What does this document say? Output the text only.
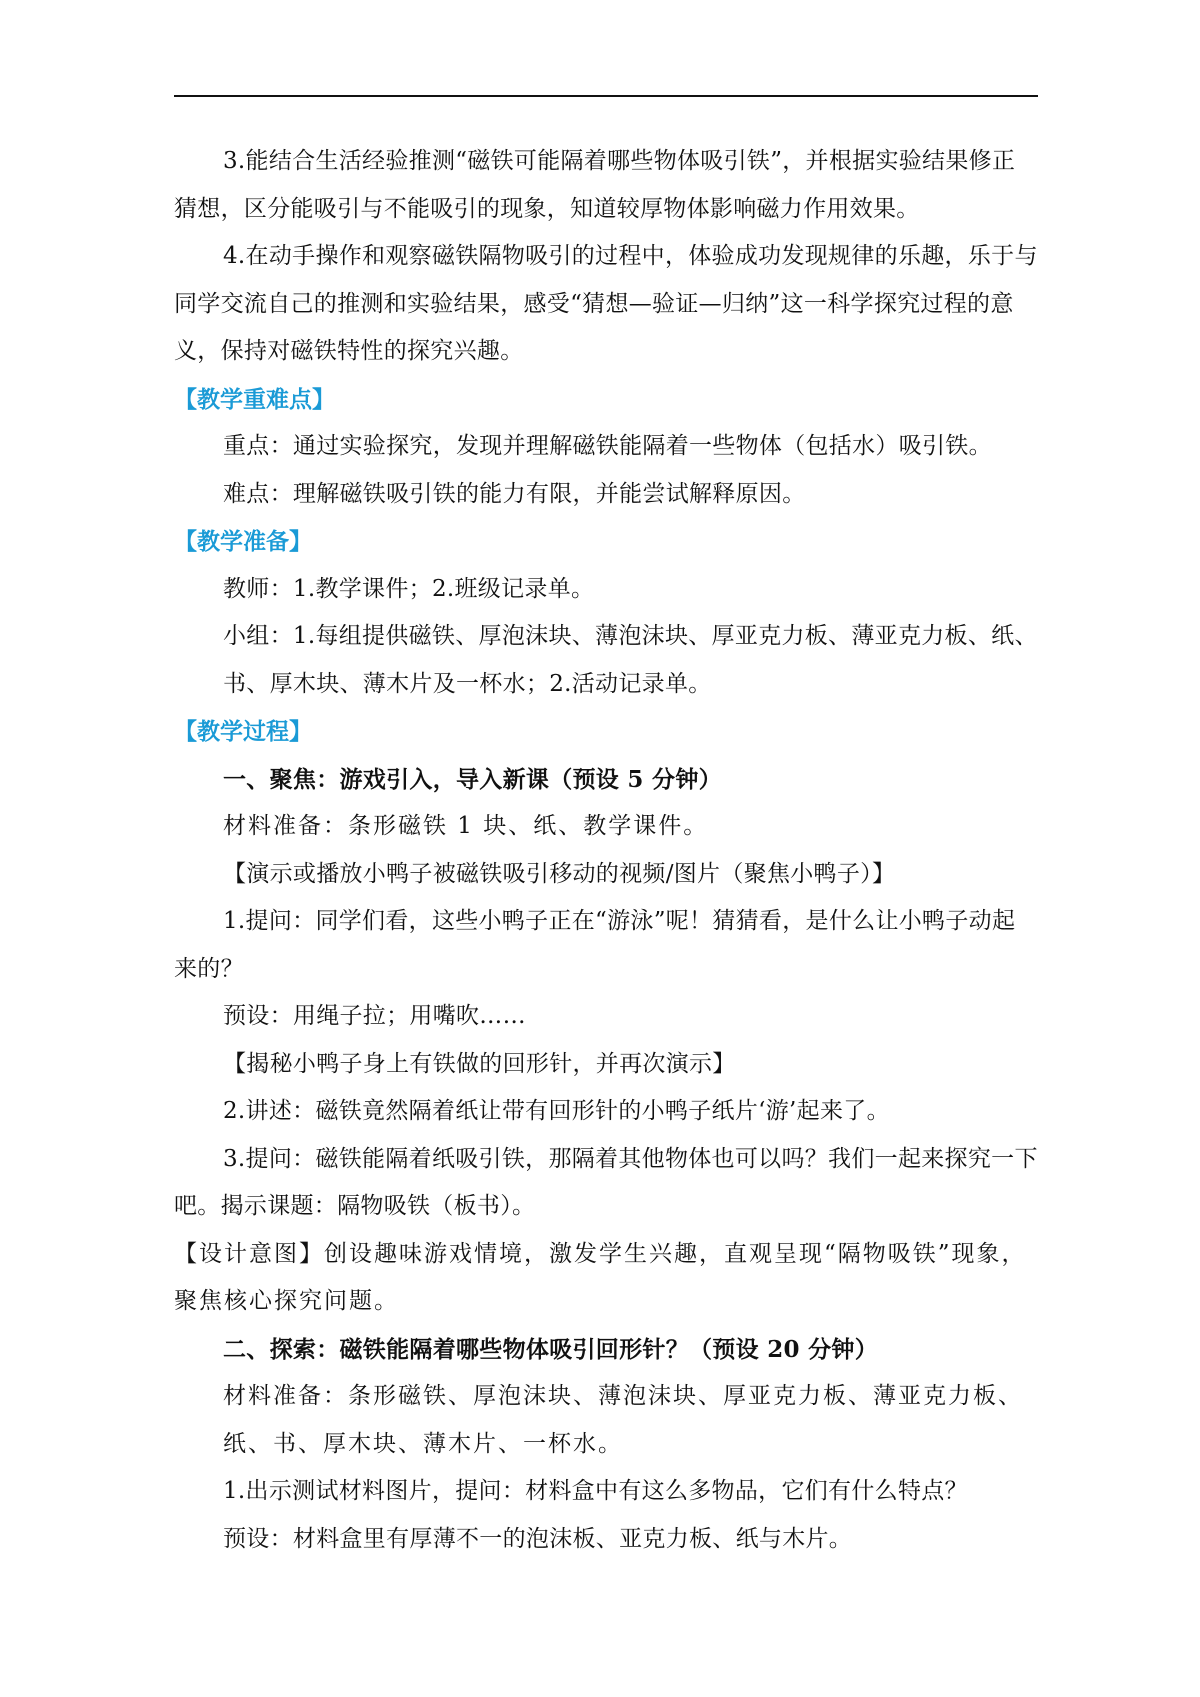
3.能结合生活经验推测“磁铁可能隔着哪些物体吸引铁”，并根据实验结果修正猜想，区分能吸引与不能吸引的现象，知道较厚物体影响磁力作用效果。

4.在动手操作和观察磁铁隔物吸引的过程中，体验成功发现规律的乐趣，乐于与同学交流自己的推测和实验结果，感受“猜想—验证—归纳”这一科学探究过程的意义，保持对磁铁特性的探究兴趣。

【教学重难点】

重点：通过实验探究，发现并理解磁铁能隔着一些物体（包括水）吸引铁。

难点：理解磁铁吸引铁的能力有限，并能尝试解释原因。

【教学准备】

教师：1.教学课件；2.班级记录单。

小组：1.每组提供磁铁、厚泡沫块、薄泡沫块、厚亚克力板、薄亚克力板、纸、书、厚木块、薄木片及一杯水；2.活动记录单。

【教学过程】

一、聚焦：游戏引入，导入新课（预设 5 分钟）

材料准备：条形磁铁 1 块、纸、教学课件。

【演示或播放小鸭子被磁铁吸引移动的视频/图片（聚焦小鸭子）】

1.提问：同学们看，这些小鸭子正在“游泳”呢！猜猜看，是什么让小鸭子动起来的？

预设：用绳子拉；用嘴吹……

【揭秘小鸭子身上有铁做的回形针，并再次演示】

2.讲述：磁铁竟然隔着纸让带有回形针的小鸭子纸片‘游’起来了。

3.提问：磁铁能隔着纸吸引铁，那隔着其他物体也可以吗？我们一起来探究一下吧。揭示课题：隔物吸铁（板书）。

【设计意图】创设趣味游戏情境，激发学生兴趣，直观呈现“隔物吸铁”现象，聚焦核心探究问题。

二、探索：磁铁能隔着哪些物体吸引回形针？（预设 20 分钟）

材料准备：条形磁铁、厚泡沫块、薄泡沫块、厚亚克力板、薄亚克力板、纸、书、厚木块、薄木片、一杯水。

1.出示测试材料图片，提问：材料盒中有这么多物品，它们有什么特点？

预设：材料盒里有厚薄不一的泡沫板、亚克力板、纸与木片。
